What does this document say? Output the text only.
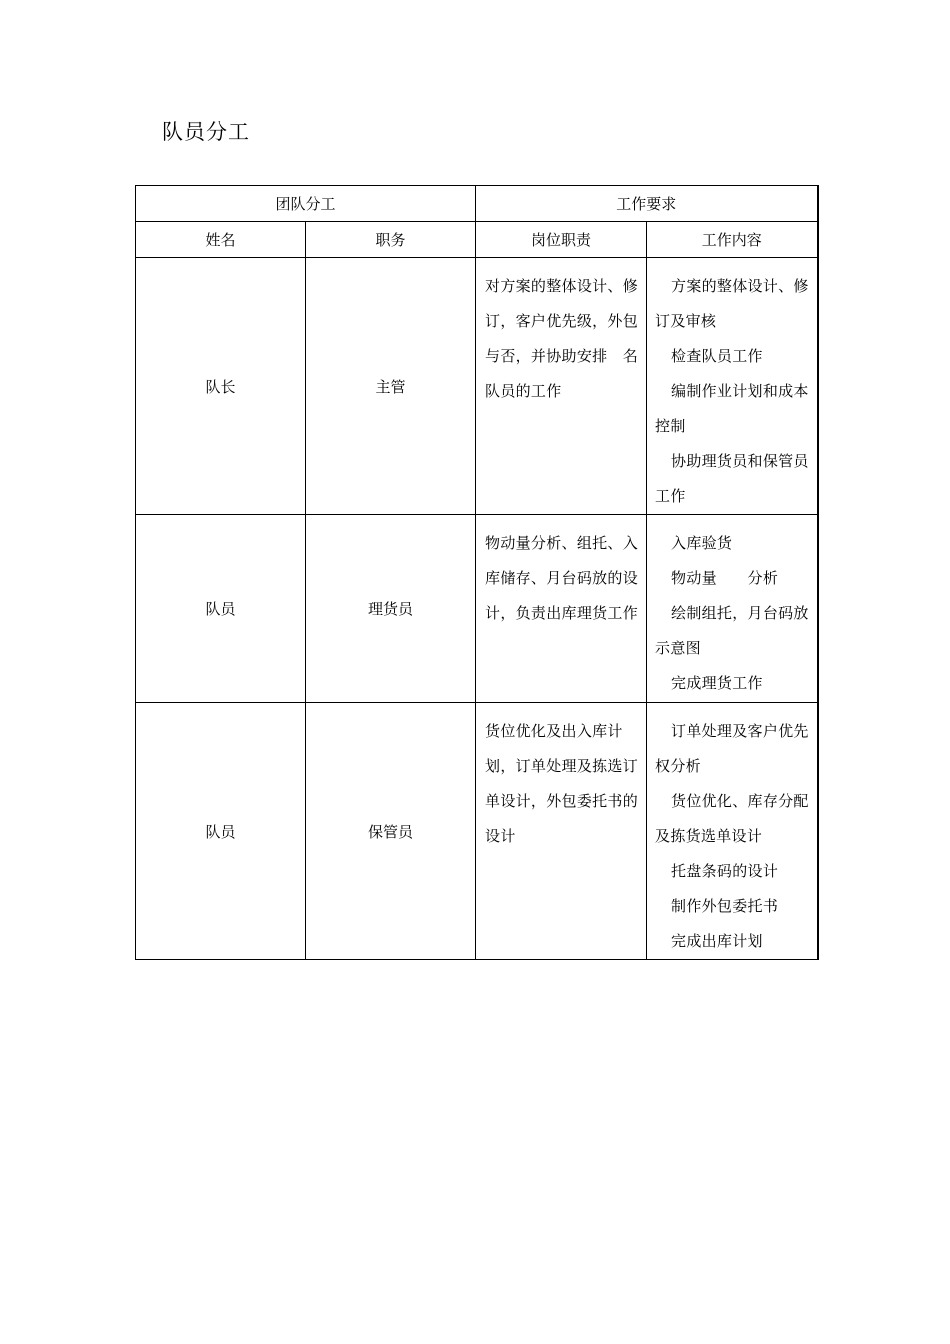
队员分工
团队分工		工作要求	
姓名	职务	岗位职责	工作内容
队长	主管	对方案的整体设计、修订，客户优先级，外包与否，并协助安排　名队员的工作	方案的整体设计、修订及审核
检查队员工作
编制作业计划和成本控制
协助理货员和保管员工作

队员	理货员	物动量分析、组托、入库储存、月台码放的设计，负责出库理货工作	入库验货
物动量　　分析
绘制组托，月台码放示意图
完成理货工作

队员	保管员	货位优化及出入库计划，订单处理及拣选订单设计，外包委托书的设计	订单处理及客户优先权分析
货位优化、库存分配及拣货选单设计
托盘条码的设计
制作外包委托书
完成出库计划
